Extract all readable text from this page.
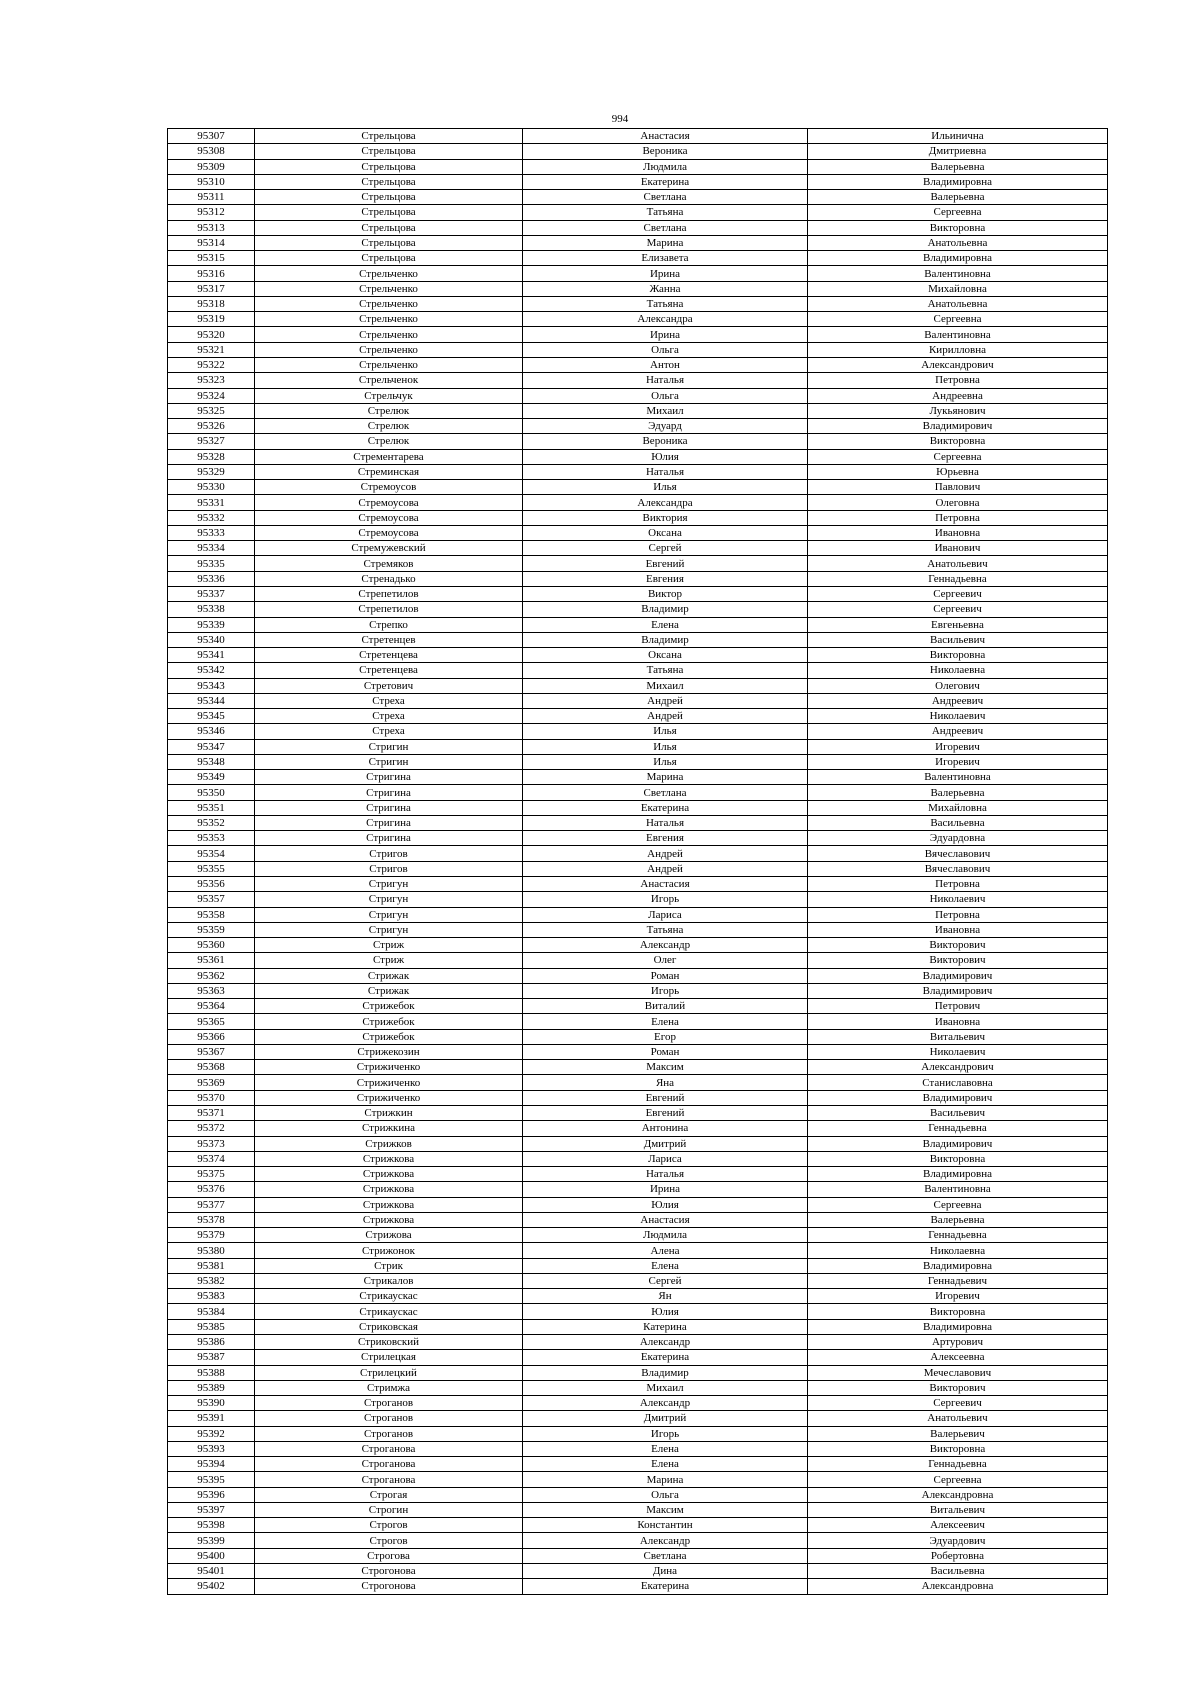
994
95307	Стрельцова	Анастасия	Ильинична
95308	Стрельцова	Вероника	Дмитриевна
95309	Стрельцова	Людмила	Валерьевна
95310	Стрельцова	Екатерина	Владимировна
95311	Стрельцова	Светлана	Валерьевна
95312	Стрельцова	Татьяна	Сергеевна
95313	Стрельцова	Светлана	Викторовна
95314	Стрельцова	Марина	Анатольевна
95315	Стрельцова	Елизавета	Владимировна
95316	Стрельченко	Ирина	Валентиновна
95317	Стрельченко	Жанна	Михайловна
95318	Стрельченко	Татьяна	Анатольевна
95319	Стрельченко	Александра	Сергеевна
95320	Стрельченко	Ирина	Валентиновна
95321	Стрельченко	Ольга	Кирилловна
95322	Стрельченко	Антон	Александрович
95323	Стрельченок	Наталья	Петровна
95324	Стрельчук	Ольга	Андреевна
95325	Стрелюк	Михаил	Лукьянович
95326	Стрелюк	Эдуард	Владимирович
95327	Стрелюк	Вероника	Викторовна
95328	Стрементарева	Юлия	Сергеевна
95329	Стреминская	Наталья	Юрьевна
95330	Стремоусов	Илья	Павлович
95331	Стремоусова	Александра	Олеговна
95332	Стремоусова	Виктория	Петровна
95333	Стремоусова	Оксана	Ивановна
95334	Стремужевский	Сергей	Иванович
95335	Стремяков	Евгений	Анатольевич
95336	Стренадько	Евгения	Геннадьевна
95337	Стрепетилов	Виктор	Сергеевич
95338	Стрепетилов	Владимир	Сергеевич
95339	Стрепко	Елена	Евгеньевна
95340	Стретенцев	Владимир	Васильевич
95341	Стретенцева	Оксана	Викторовна
95342	Стретенцева	Татьяна	Николаевна
95343	Стретович	Михаил	Олегович
95344	Стреха	Андрей	Андреевич
95345	Стреха	Андрей	Николаевич
95346	Стреха	Илья	Андреевич
95347	Стригин	Илья	Игоревич
95348	Стригин	Илья	Игоревич
95349	Стригина	Марина	Валентиновна
95350	Стригина	Светлана	Валерьевна
95351	Стригина	Екатерина	Михайловна
95352	Стригина	Наталья	Васильевна
95353	Стригина	Евгения	Эдуардовна
95354	Стригов	Андрей	Вячеславович
95355	Стригов	Андрей	Вячеславович
95356	Стригун	Анастасия	Петровна
95357	Стригун	Игорь	Николаевич
95358	Стригун	Лариса	Петровна
95359	Стригун	Татьяна	Ивановна
95360	Стриж	Александр	Викторович
95361	Стриж	Олег	Викторович
95362	Стрижак	Роман	Владимирович
95363	Стрижак	Игорь	Владимирович
95364	Стрижебок	Виталий	Петрович
95365	Стрижебок	Елена	Ивановна
95366	Стрижебок	Егор	Витальевич
95367	Стрижекозин	Роман	Николаевич
95368	Стрижиченко	Максим	Александрович
95369	Стрижиченко	Яна	Станиславовна
95370	Стрижиченко	Евгений	Владимирович
95371	Стрижкин	Евгений	Васильевич
95372	Стрижкина	Антонина	Геннадьевна
95373	Стрижков	Дмитрий	Владимирович
95374	Стрижкова	Лариса	Викторовна
95375	Стрижкова	Наталья	Владимировна
95376	Стрижкова	Ирина	Валентиновна
95377	Стрижкова	Юлия	Сергеевна
95378	Стрижкова	Анастасия	Валерьевна
95379	Стрижова	Людмила	Геннадьевна
95380	Стрижонок	Алена	Николаевна
95381	Стрик	Елена	Владимировна
95382	Стрикалов	Сергей	Геннадьевич
95383	Стрикаускас	Ян	Игоревич
95384	Стрикаускас	Юлия	Викторовна
95385	Стриковская	Катерина	Владимировна
95386	Стриковский	Александр	Артурович
95387	Стрилецкая	Екатерина	Алексеевна
95388	Стрилецкий	Владимир	Мечеславович
95389	Стримжа	Михаил	Викторович
95390	Строганов	Александр	Сергеевич
95391	Строганов	Дмитрий	Анатольевич
95392	Строганов	Игорь	Валерьевич
95393	Строганова	Елена	Викторовна
95394	Строганова	Елена	Геннадьевна
95395	Строганова	Марина	Сергеевна
95396	Строгая	Ольга	Александровна
95397	Строгин	Максим	Витальевич
95398	Строгов	Константин	Алексеевич
95399	Строгов	Александр	Эдуардович
95400	Строгова	Светлана	Робертовна
95401	Строгонова	Дина	Васильевна
95402	Строгонова	Екатерина	Александровна
